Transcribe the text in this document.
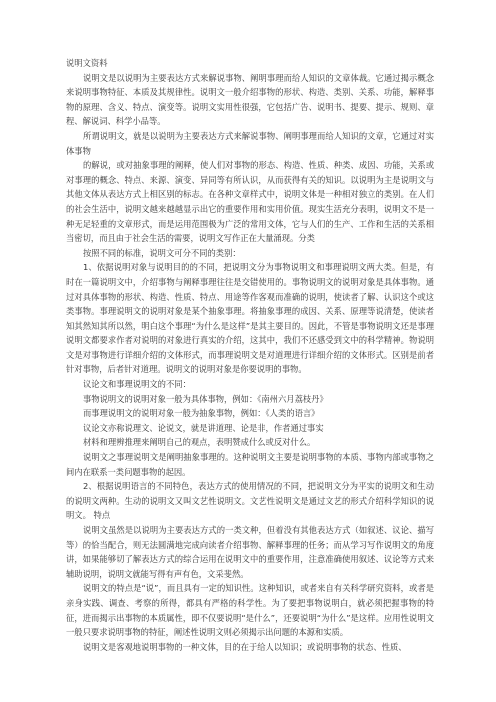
说明文资料

说明文是以说明为主要表达方式来解说事物、阐明事理而给人知识的文章体裁。它通过揭示概念来说明事物特征、本质及其规律性。说明文一般介绍事物的形状、构造、类别、关系、功能，解释事物的原理、含义、特点、演变等。说明文实用性很强，它包括广告、说明书、提要、提示、规则、章程、解说词、科学小品等。

所谓说明文，就是以说明为主要表达方式来解说事物、阐明事理而给人知识的文章，它通过对实体事物

的解说，或对抽象事理的阐释，使人们对事物的形态、构造、性质、种类、成因、功能，关系或对事理的概念、特点、来源、演变、异同等有所认识，从而获得有关的知识。以说明为主是说明文与其他文体从表达方式上相区别的标志。在各种文章样式中，说明文体是一种相对独立的类别。在人们的社会生活中，说明文越来越越显示出它的重要作用和实用价值。现实生活充分表明，说明文不是一种无足轻重的文章形式，而是运用范围极为广泛的常用文体，它与人们的生产、工作和生活的关系相当密切，而且由于社会生活的需要，说明文写作正在大量涌现。分类

按照不同的标准，说明文可分不同的类别：

1、依据说明对象与说明目的的不同，把说明文分为事物说明文和事理说明文两大类。但是，有时在一篇说明文中，介绍事物与阐释事理往往是交错使用的。事物说明文的说明对象是具体事物。通过对具体事物的形状、构造、性质、特点、用途等作客观而准确的说明，使读者了解、认识这个或这类事物。事理说明文的说明对象是某个抽象事理。将抽象事理的成因、关系、原理等说清楚，使读者知其然知其所以然，明白这个事理“为什么是这样”是其主要目的。因此，不管是事物说明文还是事理说明文都要求作者对说明的对象进行真实的介绍，这其中，我们不还感受到文中的科学精神。物说明文是对事物进行详细介绍的文体形式，而事理说明文是对道理进行详细介绍的文体形式。区别是前者针对事物，后者针对道理。说明文的说明对象是你要说明的事物。

议论文和事理说明文的不同：

事物说明文的说明对象一般为具体事物，例如：《南州六月荔枝丹》

而事理说明文的说明对象一般为抽象事物，例如：《人类的语言》

议论文亦称说理文、论说文，就是讲道理、论是非，作者通过事实

材料和理辨推理来阐明自己的观点，表明赞成什么或反对什么。

说明文之事理说明文是阐明抽象事理的。这种说明文主要是说明事物的本质、事物内部或事物之间内在联系一类问题事物的起因。

2、根据说明语言的不同特色，表达方式的使用情况的不同，把说明文分为平实的说明文和生动的说明文两种。生动的说明文又叫文艺性说明文。文艺性说明文是通过文艺的形式介绍科学知识的说明文。 特点

说明文虽然是以说明为主要表达方式的一类文种，但着没有其他表达方式（如叙述、议论、描写等）的恰当配合，则无法圆满地完成向读者介绍事物、解释事理的任务；而从学习写作说明文的角度讲，如果能够切了解表达方式的综合运用在说明文中的重要作用，注意准确使用叙述、议论等方式来辅助说明，说明文就能写得有声有色，文采斐然。

说明文的特点是“说”，而且具有一定的知识性。这种知识，或者来自有关科学研究资料，或者是亲身实践、调查、考察的所得，都具有严格的科学性。为了要把事物说明白，就必须把握事物的特征，进而揭示出事物的本质属性，即不仅要说明“是什么”，还要说明“为什么”是这样。应用性说明文一般只要求说明事物的特征，阐述性说明文则必须揭示出问题的本源和实质。

说明文是客观地说明事物的一种文体，目的在于给人以知识；或说明事物的状态、性质、
